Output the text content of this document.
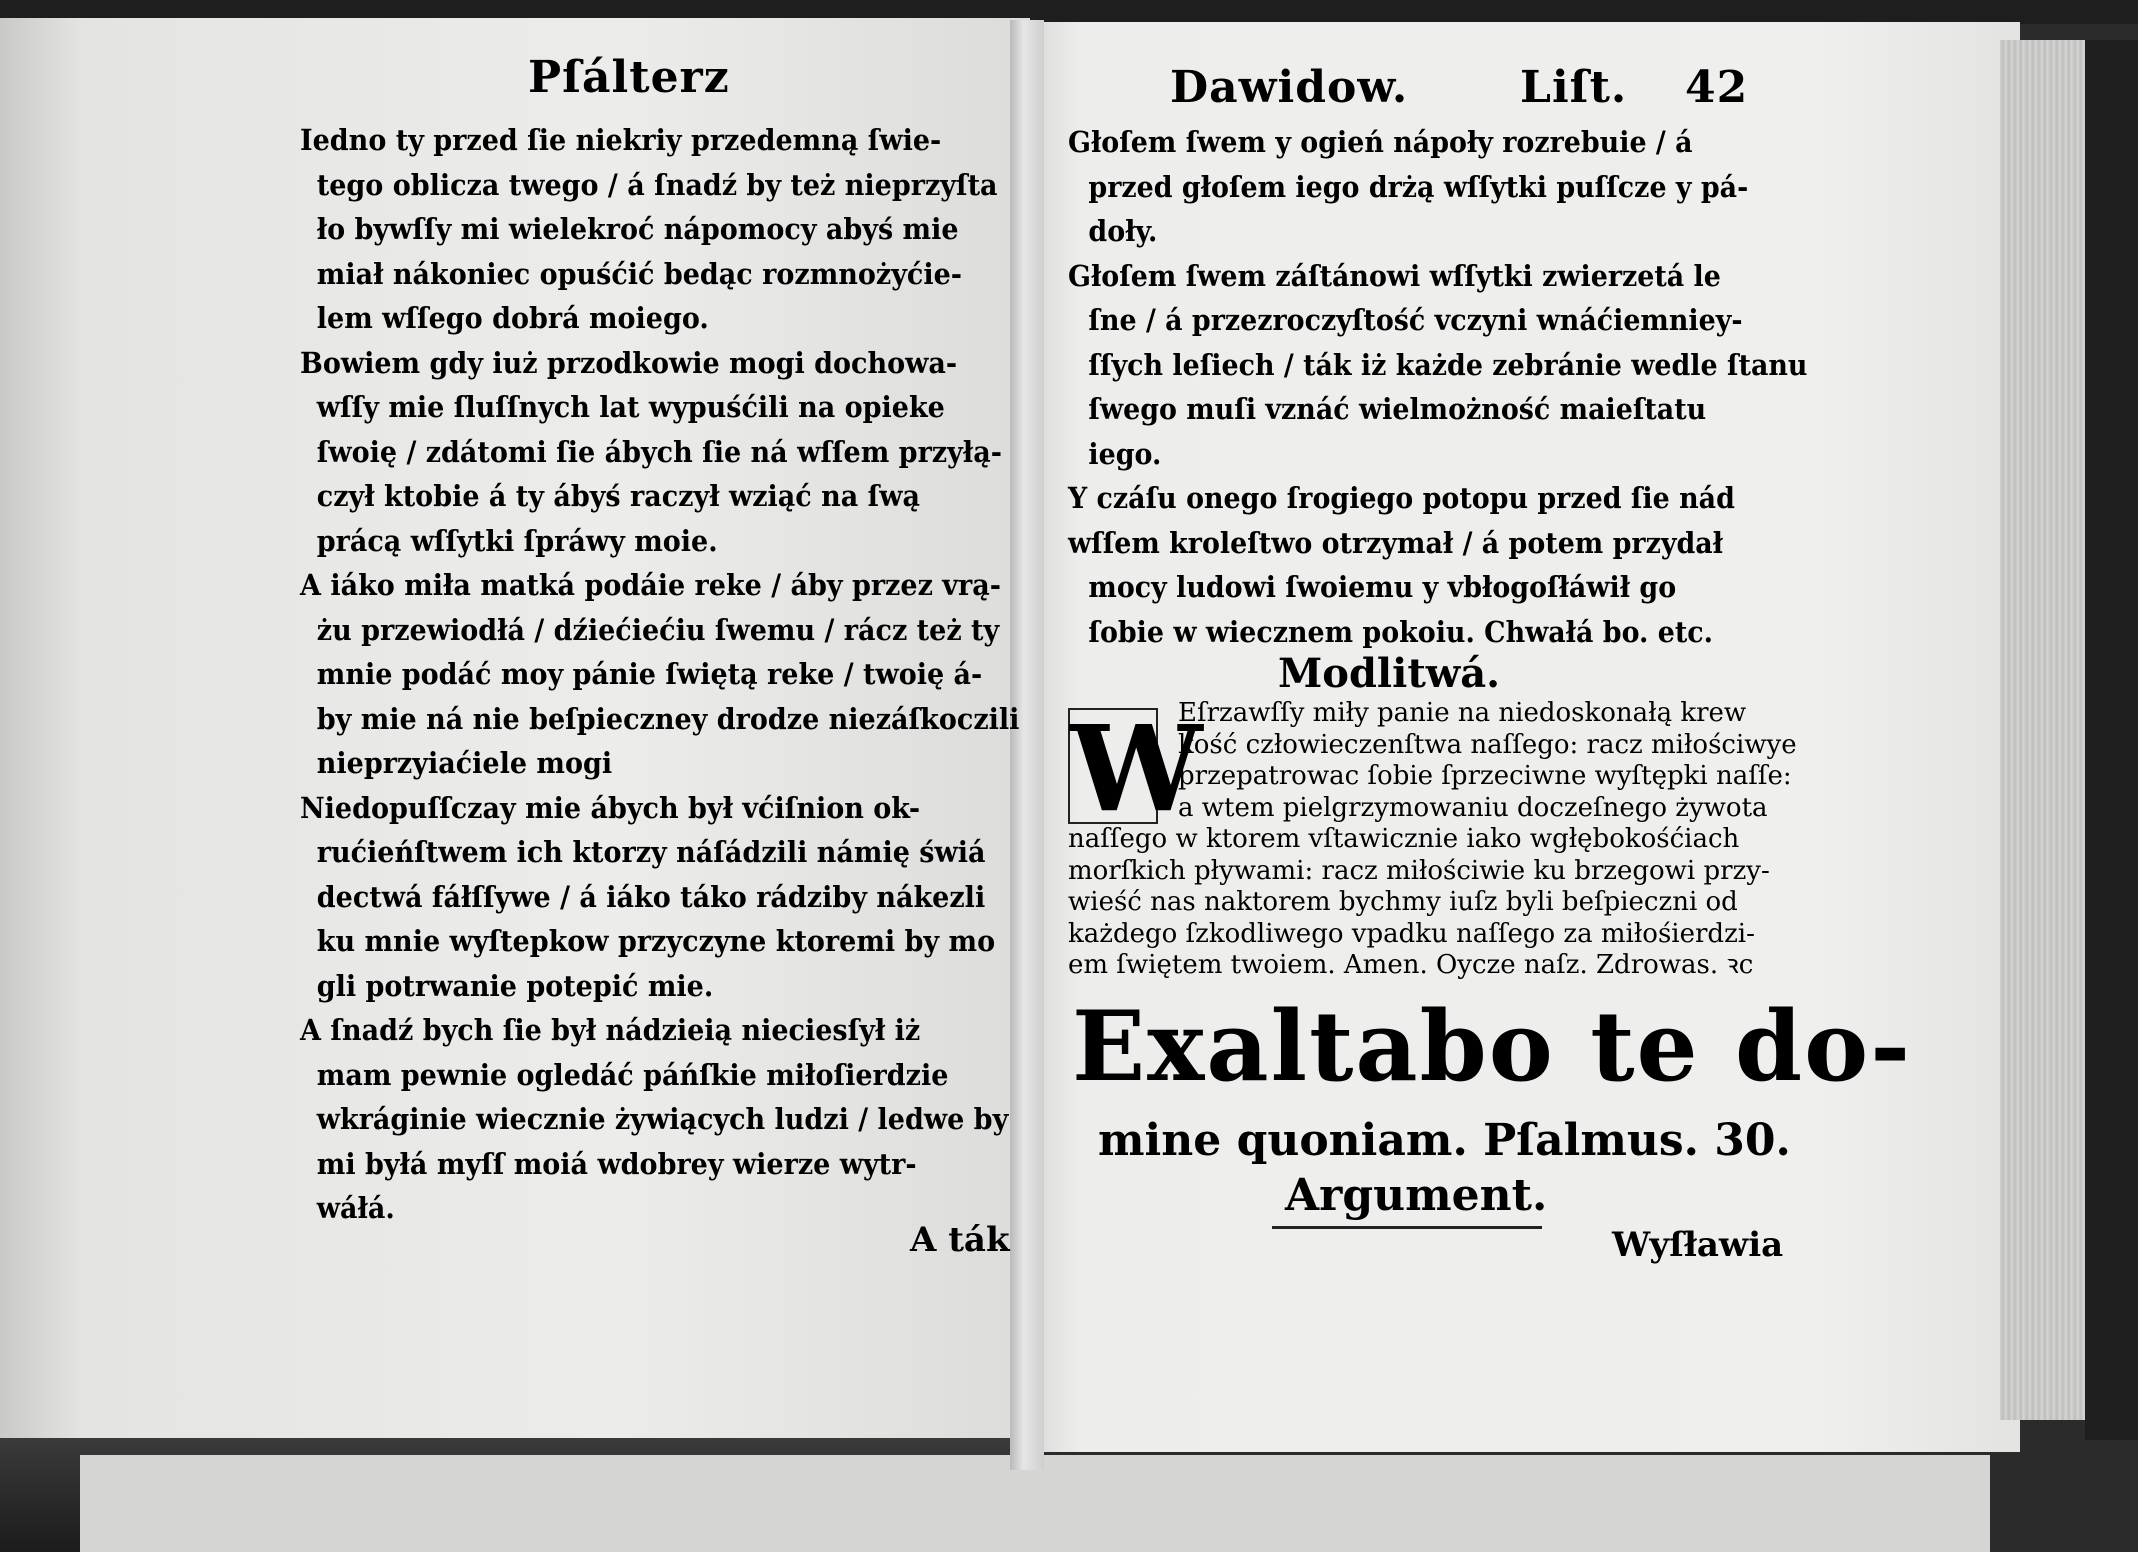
Pſálterz
Iedno ty przed ſie niekriy przedemną ſwie-
tego oblicza twego / á ſnadź by też nieprzyſta
ło bywſſy mi wielekroć nápomocy abyś mie
miał nákoniec opuśćić bedąc rozmnożyćie-
lem wſſego dobrá moiego.
Bowiem gdy iuż przodkowie mogi dochowa-
wſſy mie ſluſſnych lat wypuśćili na opieke
ſwoię / zdátomi ſie ábych ſie ná wſſem przyłą-
czył ktobie á ty ábyś raczył wziąć na ſwą
prácą wſſytki ſpráwy moie.
A iáko miła matká podáie reke / áby przez vrą-
żu przewiodłá / dźiećiećiu ſwemu / rácz też ty
mnie podáć moy pánie ſwiętą reke / twoię á-
by mie ná nie beſpieczney drodze niezáſkoczili
nieprzyiaćiele mogi
Niedopuſſczay mie ábych był vćiſnion ok-
rućieńſtwem ich ktorzy náſádzili námię świá
dectwá fáłſſywe / á iáko táko rádziby nákezli
ku mnie wyſtepkow przyczyne ktoremi by mo
gli potrwanie potepić mie.
A ſnadź bych ſie był nádzieią nieciesſył iż
mam pewnie ogledáć páńſkie miłoſierdzie
wkráginie wiecznie żywiących ludzi / ledwe by
mi byłá myſſ moiá wdobrey wierze wytr-
wáłá.
A ták
Dawidow.	Liſt. 42
Głoſem ſwem y ogień nápoły rozrebuie / á
przed głoſem iego drżą wſſytki puſſcze y pá-
doły.
Głoſem ſwem záſtánowi wſſytki zwierzetá le
ſne / á przezroczyſtość vczyni wnáćiemniey-
ſſych leſiech / ták iż każde zebránie wedle ſtanu
ſwego muſi vznáć wielmożność maieſtatu
iego.
Y czáſu onego ſrogiego potopu przed ſie nád
wſſem kroleſtwo otrzymał / á potem przydał
mocy ludowi ſwoiemu y vbłogoſłáwił go
ſobie w wiecznem pokoiu. Chwałá bo. etc.
Modlitwá.
W
Eſrzawſſy miły panie na niedoskonałą krew
kość człowieczenſtwa naſſego: racz miłościwye
przepatrowac ſobie ſprzeciwne wyſtępki naſſe:
a wtem pielgrzymowaniu doczeſnego żywota
naſſego w ktorem vſtawicznie iako wgłębokośćiach
morſkich pływami: racz miłościwie ku brzegowi przy-
wieść nas naktorem bychmy iuſz byli beſpieczni od
każdego ſzkodliwego vpadku naſſego za miłośierdzi-
em ſwiętem twoiem. Amen. Oycze naſz. Zdrowas. ꝛc
Exaltabo te do-
mine quoniam. Pſalmus. 30.
Argument.
Wyſławia
